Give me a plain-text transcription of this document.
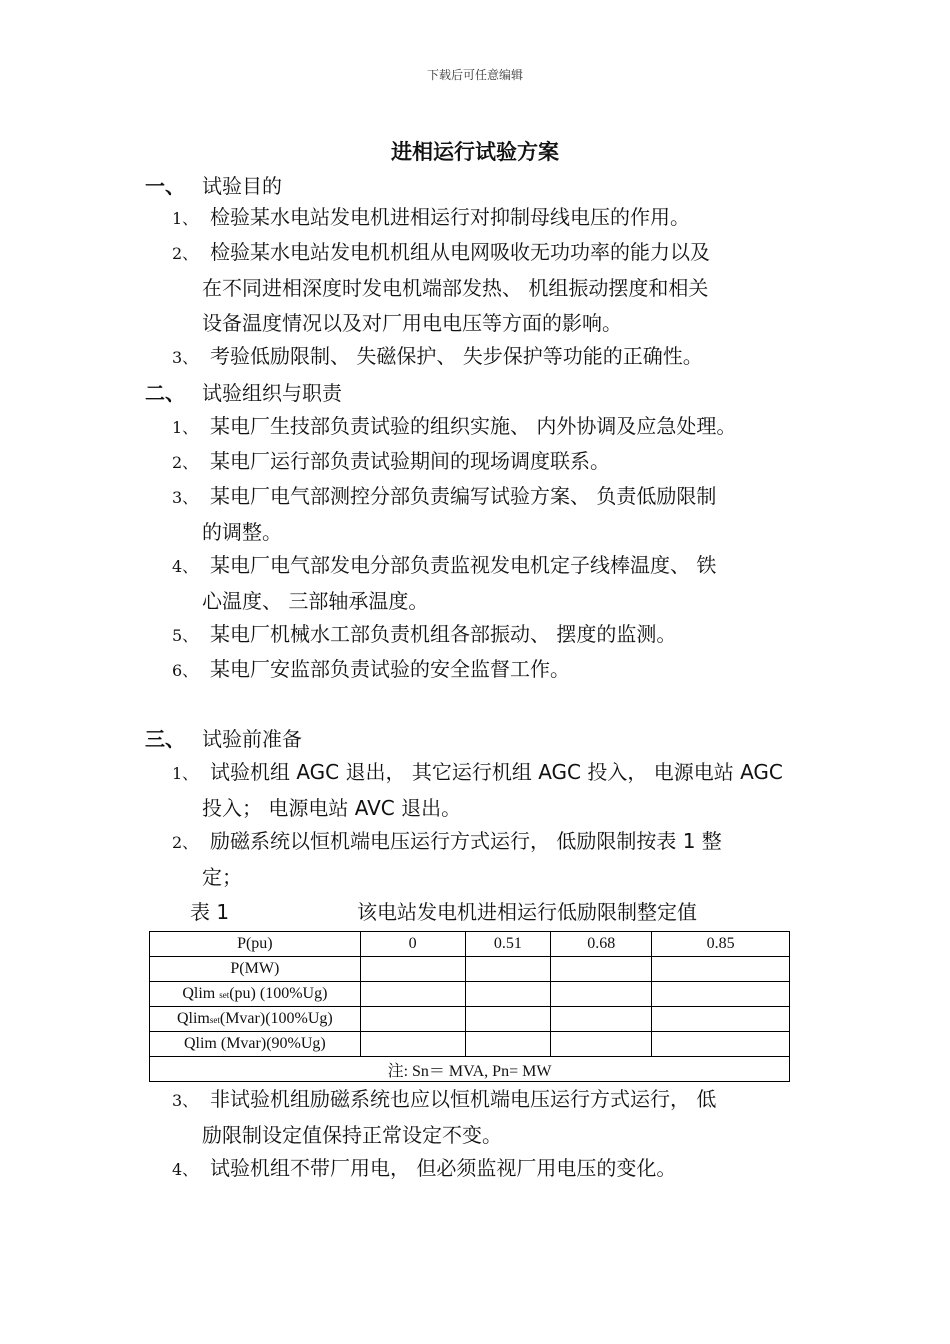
下载后可任意编辑
进相运行试验方案
一、 试验目的
1、 检验某水电站发电机进相运行对抑制母线电压的作用。
2、 检验某水电站发电机机组从电网吸收无功功率的能力以及
在不同进相深度时发电机端部发热、 机组振动摆度和相关
设备温度情况以及对厂用电电压等方面的影响。
3、 考验低励限制、 失磁保护、 失步保护等功能的正确性。
二、 试验组织与职责
1、 某电厂生技部负责试验的组织实施、 内外协调及应急处理。
2、 某电厂运行部负责试验期间的现场调度联系。
3、 某电厂电气部测控分部负责编写试验方案、 负责低励限制
的调整。
4、 某电厂电气部发电分部负责监视发电机定子线棒温度、 铁
心温度、 三部轴承温度。
5、 某电厂机械水工部负责机组各部振动、 摆度的监测。
6、 某电厂安监部负责试验的安全监督工作。
三、 试验前准备
1、 试验机组 AGC 退出， 其它运行机组 AGC 投入， 电源电站 AGC
投入； 电源电站 AVC 退出。
2、 励磁系统以恒机端电压运行方式运行， 低励限制按表 1 整
定；
表 1	该电站发电机进相运行低励限制整定值
P(pu)	0	0.51	0.68	0.85
P(MW)				
Qlim set(pu) (100%Ug)				
Qlimset(Mvar)(100%Ug)				
Qlim (Mvar)(90%Ug)				
注: Sn＝ MVA, Pn= MW				
3、 非试验机组励磁系统也应以恒机端电压运行方式运行， 低
励限制设定值保持正常设定不变。
4、 试验机组不带厂用电， 但必须监视厂用电压的变化。
